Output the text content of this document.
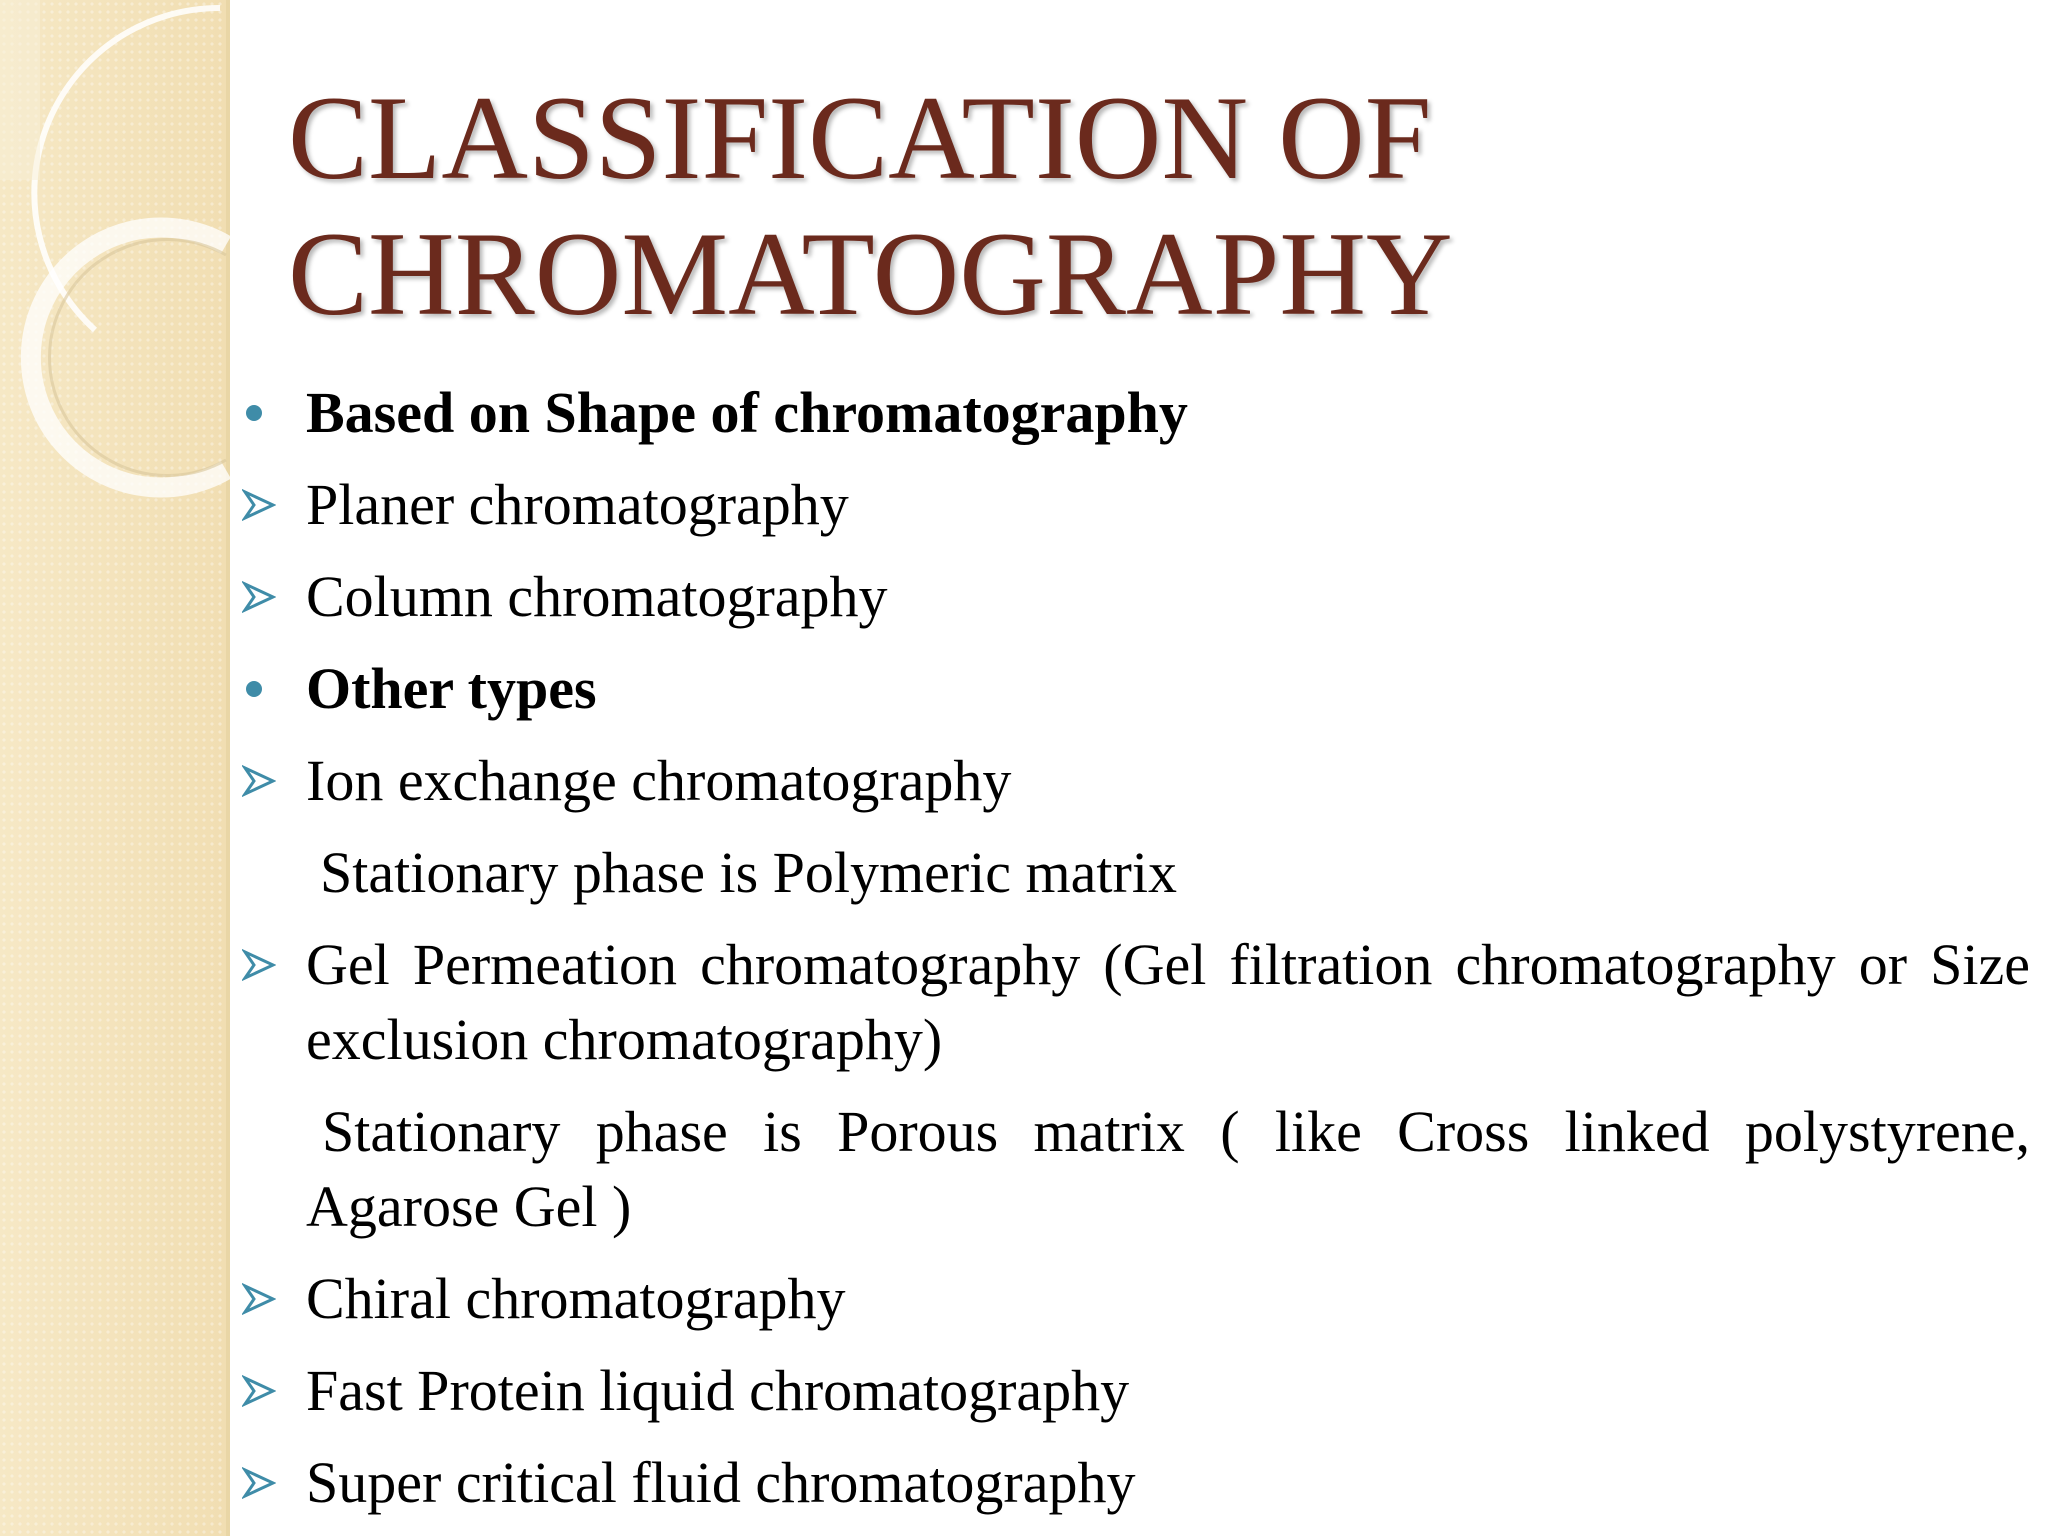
CLASSIFICATION OF
CHROMATOGRAPHY
Based on Shape of chromatography
Planer chromatography
Column chromatography
Other types
Ion exchange chromatography
Stationary phase is Polymeric matrix
Gel Permeation chromatography (Gel filtration chromatography or Size exclusion chromatography)
Stationary phase is Porous matrix ( like Cross linked polystyrene, Agarose Gel )
Chiral chromatography
Fast Protein liquid chromatography
Super critical fluid chromatography
